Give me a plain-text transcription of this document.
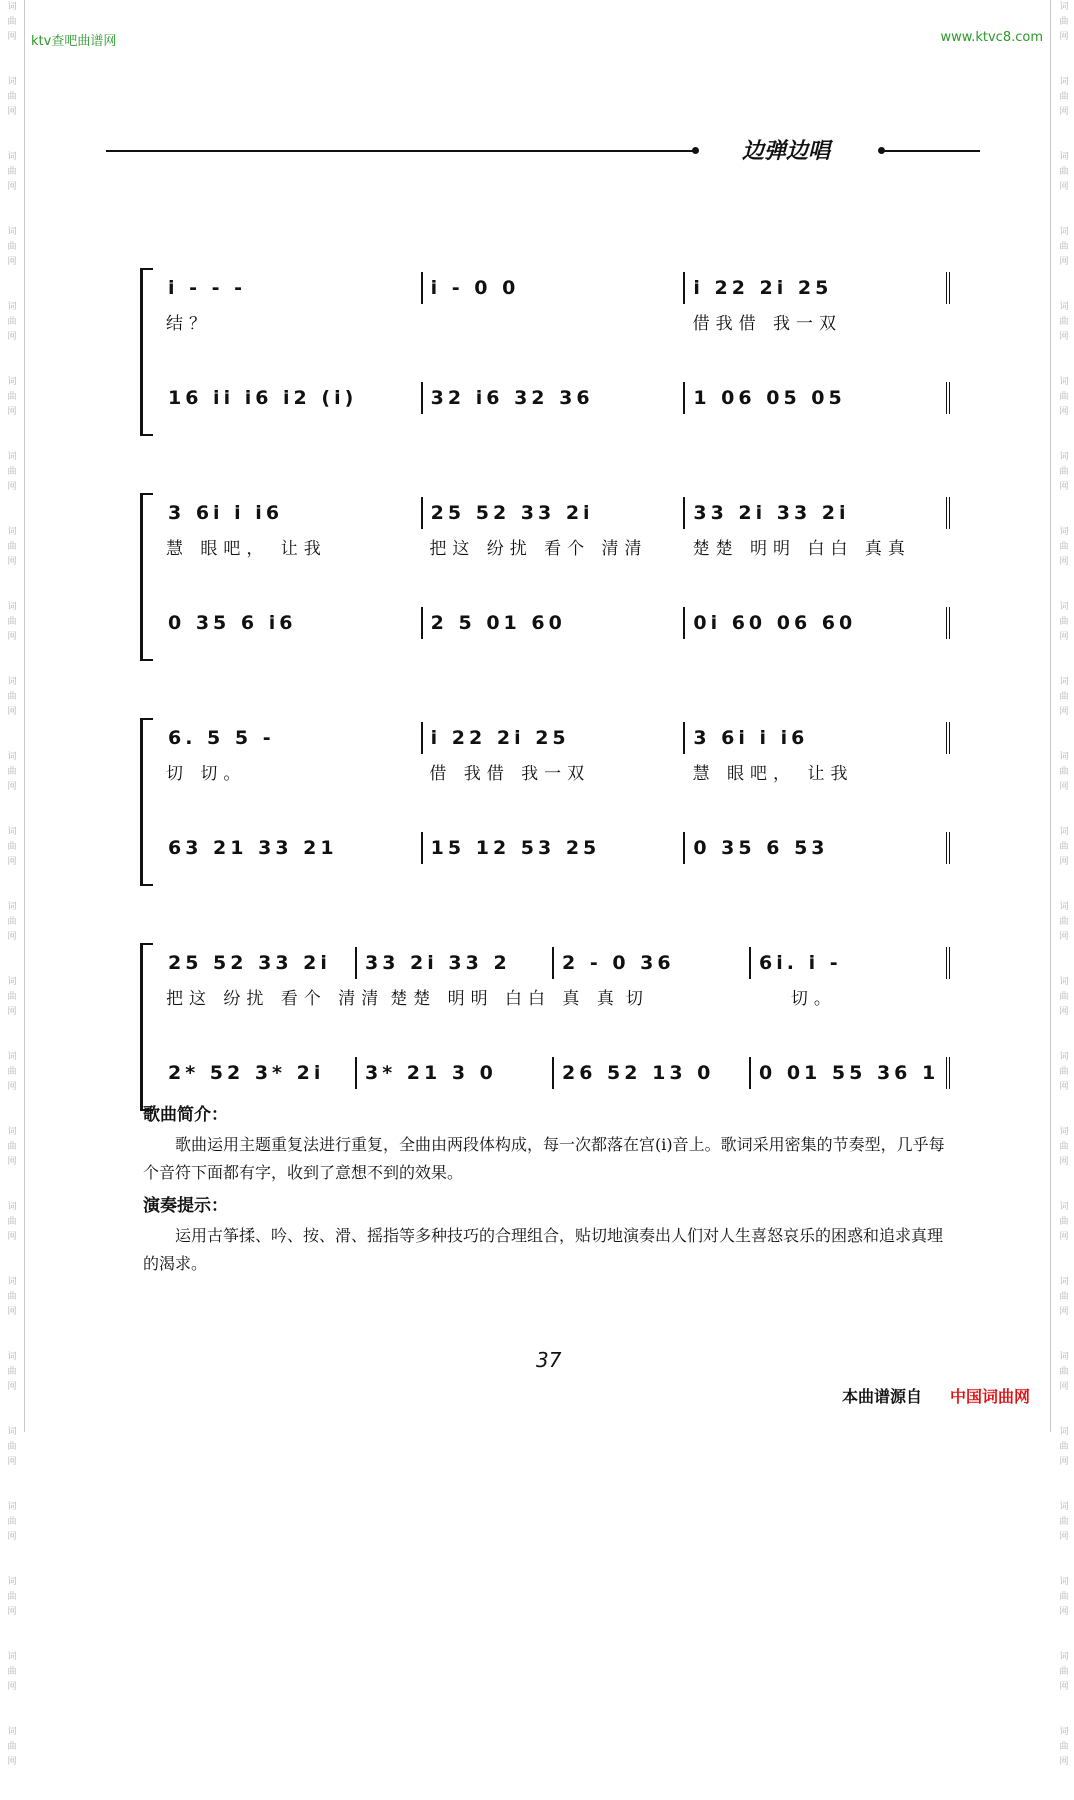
ktv查吧曲谱网	www.ktvc8.com
边弹边唱
i - - -	i - 0 0	i 22 2i 25
结？	借我借 我一双
16 ii i6 i2 (i)	32 i6 32 36	1 06 05 05
3 6i i i6	25 52 33 2i	33 2i 33 2i
慧 眼吧， 让我	把这 纷扰 看个 清清	楚楚 明明 白白 真真
0 35 6 i6	2 5 01 60	0i 60 06 60
6. 5 5 -	i 22 2i 25	3 6i i i6
切 切。	借 我借 我一双	慧 眼吧， 让我
63 21 33 21	15 12 53 25	0 35 6 53
25 52 33 2i	33 2i 33 2	2 - 0 36	6i. i -
把这 纷扰 看个 清清 楚楚 明明 白白 真 真 切	切。
2* 52 3* 2i	3* 21 3 0	26 52 13 0	0 01 55 36 1
歌曲简介：

歌曲运用主题重复法进行重复，全曲由两段体构成，每一次都落在宫(i)音上。歌词采用密集的节奏型，几乎每个音符下面都有字，收到了意想不到的效果。

演奏提示：

运用古筝揉、吟、按、滑、摇指等多种技巧的合理组合，贴切地演奏出人们对人生喜怒哀乐的困惑和追求真理的渴求。

37
本曲谱源自 中国词曲网
词
曲
网

词
曲
网

词
曲
网

词
曲
网

词
曲
网

词
曲
网

词
曲
网

词
曲
网

词
曲
网

词
曲
网

词
曲
网

词
曲
网

词
曲
网

词
曲
网

词
曲
网

词
曲
网

词
曲
网

词
曲
网

词
曲
网

词
曲
网

词
曲
网

词
曲
网

词
曲
网

词
曲
网

词
曲
网

词
曲
网

词
曲
网

词
曲
网

词
曲
网

词
曲
网

词
曲
网

词
曲
网

词
曲
网

词
曲
网

词
曲
网

词
曲
网

词
曲
网

词
曲
网

词
曲
网

词
曲
网

词
曲
网

词
曲
网

词
曲
网

词
曲
网

词
曲
网

词
曲
网

词
曲
网

词
曲
网
